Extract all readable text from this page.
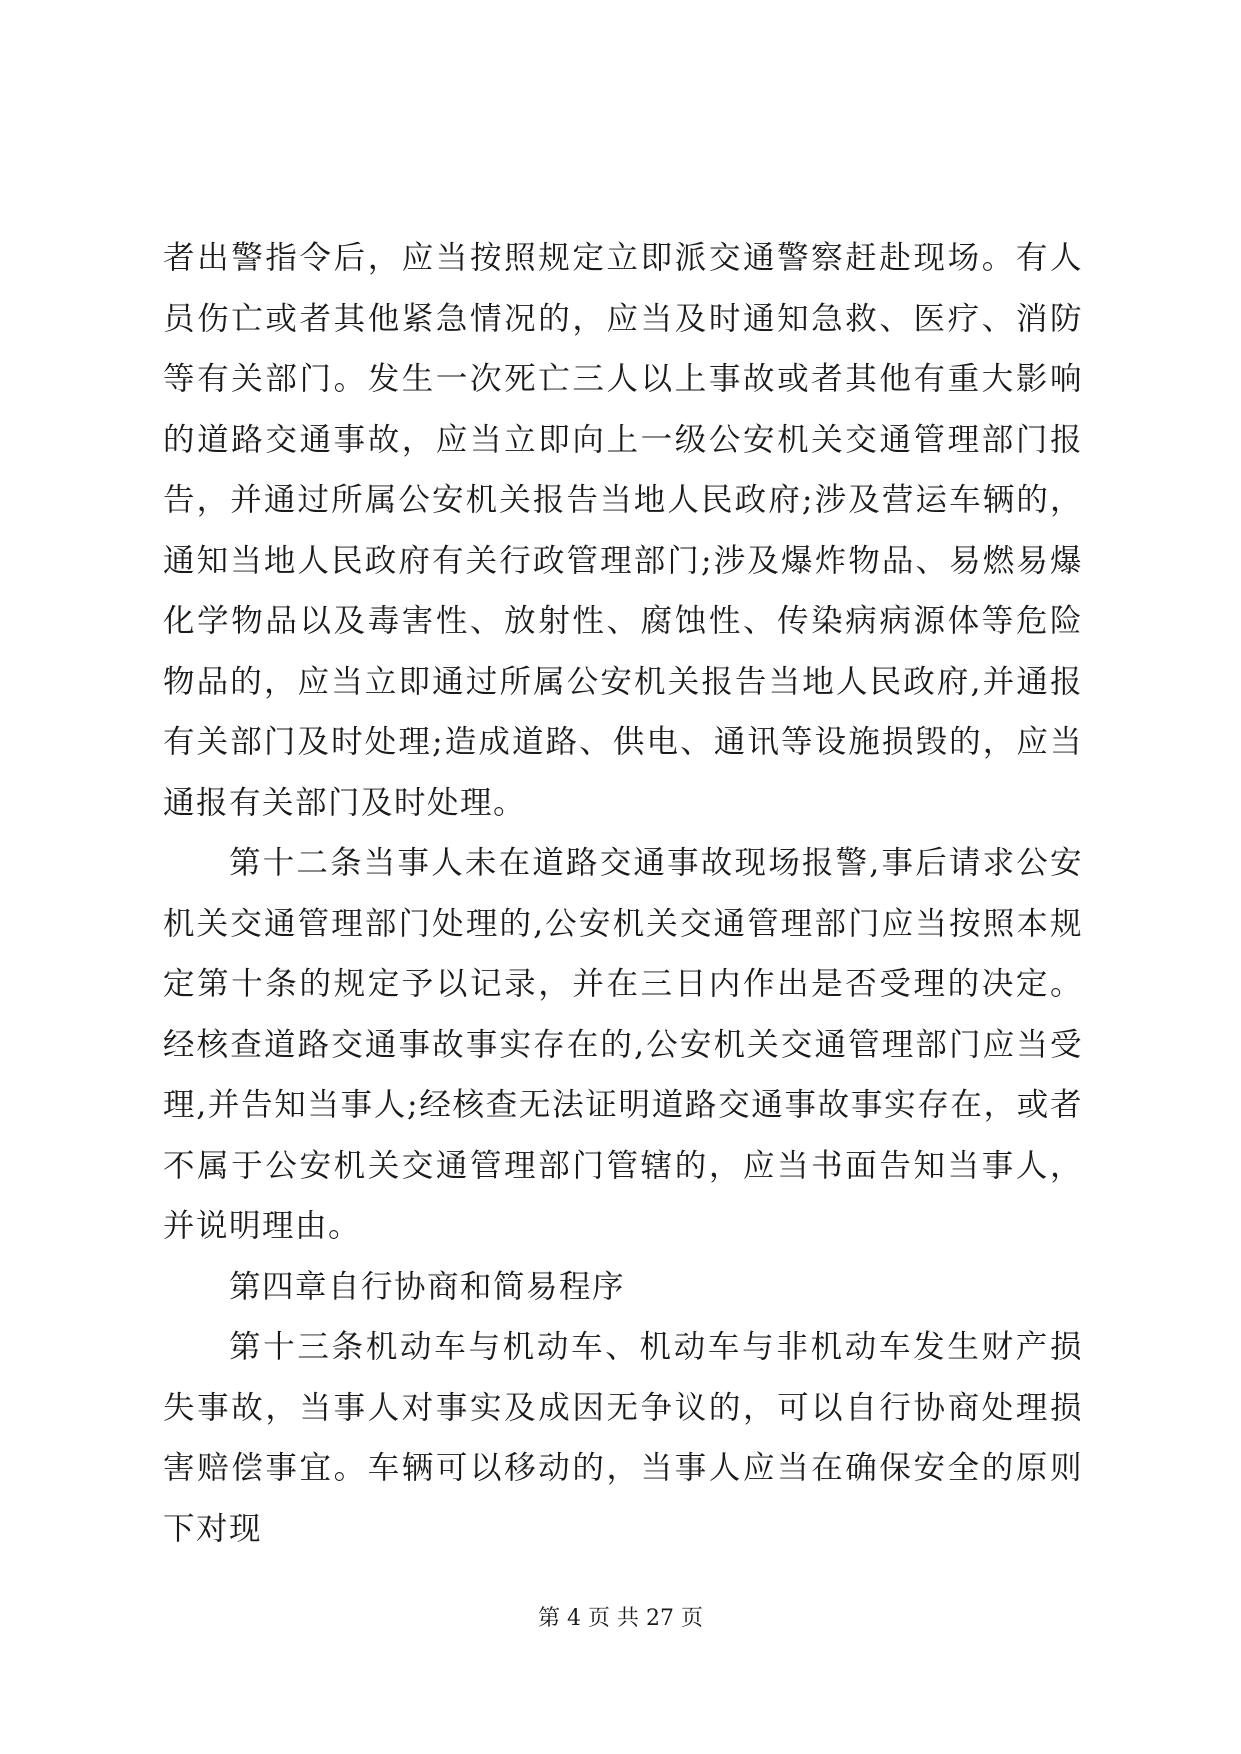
者出警指令后，应当按照规定立即派交通警察赶赴现场。有人员伤亡或者其他紧急情况的，应当及时通知急救、医疗、消防等有关部门。发生一次死亡三人以上事故或者其他有重大影响的道路交通事故，应当立即向上一级公安机关交通管理部门报告，并通过所属公安机关报告当地人民政府;涉及营运车辆的，通知当地人民政府有关行政管理部门;涉及爆炸物品、易燃易爆化学物品以及毒害性、放射性、腐蚀性、传染病病源体等危险物品的，应当立即通过所属公安机关报告当地人民政府,并通报有关部门及时处理;造成道路、供电、通讯等设施损毁的，应当通报有关部门及时处理。

第十二条当事人未在道路交通事故现场报警,事后请求公安机关交通管理部门处理的,公安机关交通管理部门应当按照本规定第十条的规定予以记录，并在三日内作出是否受理的决定。经核查道路交通事故事实存在的,公安机关交通管理部门应当受理,并告知当事人;经核查无法证明道路交通事故事实存在，或者不属于公安机关交通管理部门管辖的，应当书面告知当事人，并说明理由。

第四章自行协商和简易程序

第十三条机动车与机动车、机动车与非机动车发生财产损失事故，当事人对事实及成因无争议的，可以自行协商处理损害赔偿事宜。车辆可以移动的，当事人应当在确保安全的原则下对现

第 4 页 共 27 页
